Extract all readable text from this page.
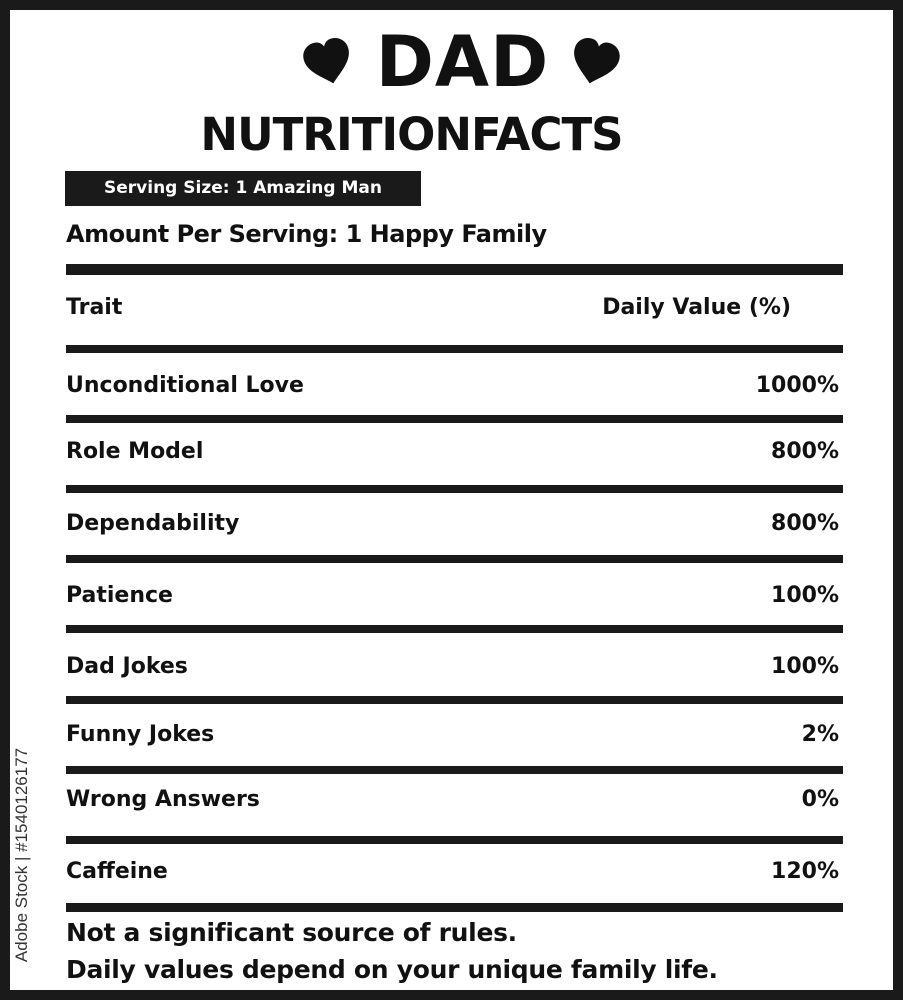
DAD
NUTRITIONFACTS
Serving Size: 1 Amazing Man
Amount Per Serving: 1 Happy Family
Trait	Daily Value (%)
Unconditional Love	1000%
Role Model	800%
Dependability	800%
Patience	100%
Dad Jokes	100%
Funny Jokes	2%
Wrong Answers	0%
Caffeine	120%
Not a significant source of rules.
Daily values depend on your unique family life.
Adobe Stock | #1540126177
